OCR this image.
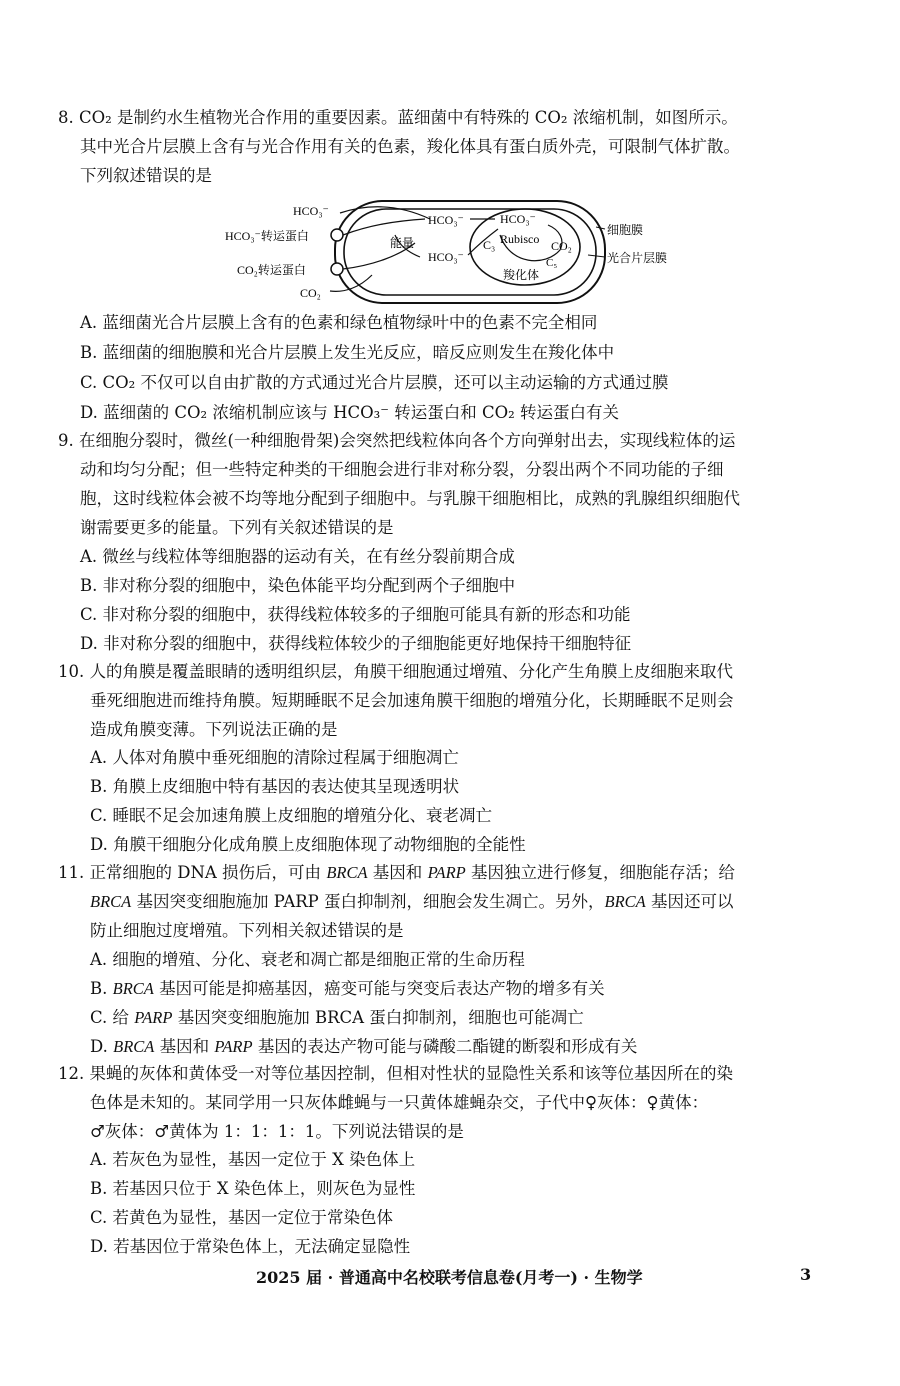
8. CO₂ 是制约水生植物光合作用的重要因素。蓝细菌中有特殊的 CO₂ 浓缩机制，如图所示。
其中光合片层膜上含有与光合作用有关的色素，羧化体具有蛋白质外壳，可限制气体扩散。
下列叙述错误的是
HCO₃⁻
HCO₃⁻转运蛋白
CO₂转运蛋白
CO₂
能量
HCO₃⁻
HCO₃⁻
HCO₃⁻
C₃ Rubisco CO₂
C₅
羧化体
细胞膜
光合片层膜
A. 蓝细菌光合片层膜上含有的色素和绿色植物绿叶中的色素不完全相同
B. 蓝细菌的细胞膜和光合片层膜上发生光反应，暗反应则发生在羧化体中
C. CO₂ 不仅可以自由扩散的方式通过光合片层膜，还可以主动运输的方式通过膜
D. 蓝细菌的 CO₂ 浓缩机制应该与 HCO₃⁻ 转运蛋白和 CO₂ 转运蛋白有关
9. 在细胞分裂时，微丝(一种细胞骨架)会突然把线粒体向各个方向弹射出去，实现线粒体的运
动和均匀分配；但一些特定种类的干细胞会进行非对称分裂，分裂出两个不同功能的子细
胞，这时线粒体会被不均等地分配到子细胞中。与乳腺干细胞相比，成熟的乳腺组织细胞代
谢需要更多的能量。下列有关叙述错误的是
A. 微丝与线粒体等细胞器的运动有关，在有丝分裂前期合成
B. 非对称分裂的细胞中，染色体能平均分配到两个子细胞中
C. 非对称分裂的细胞中，获得线粒体较多的子细胞可能具有新的形态和功能
D. 非对称分裂的细胞中，获得线粒体较少的子细胞能更好地保持干细胞特征
10. 人的角膜是覆盖眼睛的透明组织层，角膜干细胞通过增殖、分化产生角膜上皮细胞来取代
垂死细胞进而维持角膜。短期睡眠不足会加速角膜干细胞的增殖分化，长期睡眠不足则会
造成角膜变薄。下列说法正确的是
A. 人体对角膜中垂死细胞的清除过程属于细胞凋亡
B. 角膜上皮细胞中特有基因的表达使其呈现透明状
C. 睡眠不足会加速角膜上皮细胞的增殖分化、衰老凋亡
D. 角膜干细胞分化成角膜上皮细胞体现了动物细胞的全能性
11. 正常细胞的 DNA 损伤后，可由 BRCA 基因和 PARP 基因独立进行修复，细胞能存活；给
BRCA 基因突变细胞施加 PARP 蛋白抑制剂，细胞会发生凋亡。另外，BRCA 基因还可以
防止细胞过度增殖。下列相关叙述错误的是
A. 细胞的增殖、分化、衰老和凋亡都是细胞正常的生命历程
B. BRCA 基因可能是抑癌基因，癌变可能与突变后表达产物的增多有关
C. 给 PARP 基因突变细胞施加 BRCA 蛋白抑制剂，细胞也可能凋亡
D. BRCA 基因和 PARP 基因的表达产物可能与磷酸二酯键的断裂和形成有关
12. 果蝇的灰体和黄体受一对等位基因控制，但相对性状的显隐性关系和该等位基因所在的染
色体是未知的。某同学用一只灰体雌蝇与一只黄体雄蝇杂交，子代中♀灰体：♀黄体：
♂灰体：♂黄体为 1：1：1：1。下列说法错误的是
A. 若灰色为显性，基因一定位于 X 染色体上
B. 若基因只位于 X 染色体上，则灰色为显性
C. 若黄色为显性，基因一定位于常染色体
D. 若基因位于常染色体上，无法确定显隐性
2025 届 · 普通高中名校联考信息卷(月考一) · 生物学	3
